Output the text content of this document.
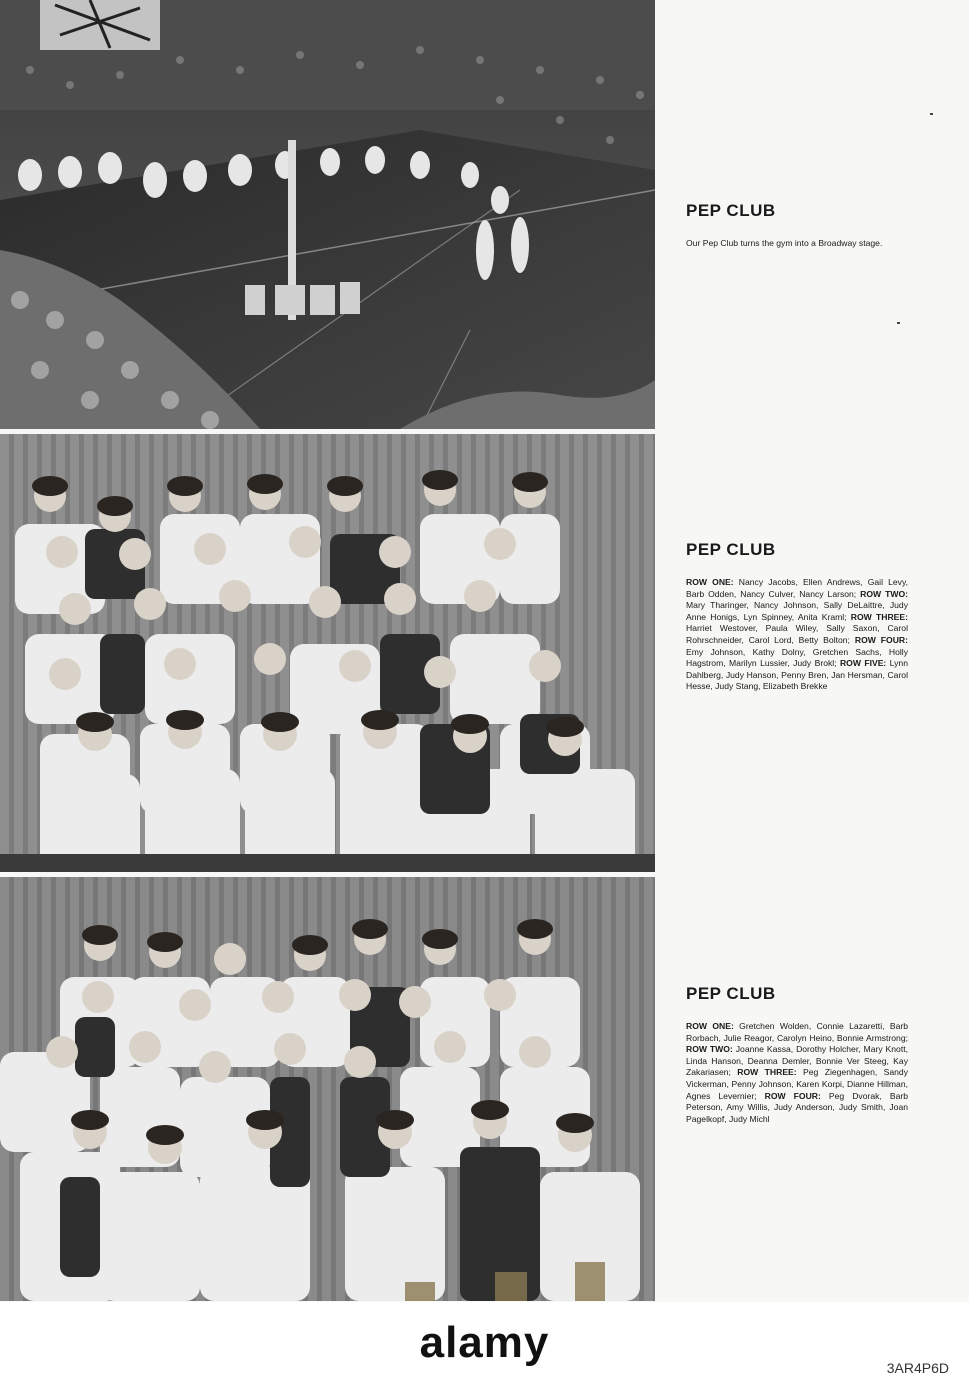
PEP CLUB

Our Pep Club turns the gym into a Broadway stage.

PEP CLUB

ROW ONE: Nancy Jacobs, Ellen Andrews, Gail Levy, Barb Odden, Nancy Culver, Nancy Larson; ROW TWO: Mary Tharinger, Nancy Johnson, Sally DeLaittre, Judy Anne Honigs, Lyn Spinney, Anita Kraml; ROW THREE: Harriet Westover, Paula Wiley, Sally Saxon, Carol Rohrschneider, Carol Lord, Betty Bolton; ROW FOUR: Emy Johnson, Kathy Dolny, Gretchen Sachs, Holly Hagstrom, Marilyn Lussier, Judy Brokl; ROW FIVE: Lynn Dahlberg, Judy Hanson, Penny Bren, Jan Hersman, Carol Hesse, Judy Stang, Elizabeth Brekke

PEP CLUB

ROW ONE: Gretchen Wolden, Connie Lazaretti, Barb Rorbach, Julie Reagor, Carolyn Heino, Bonnie Armstrong; ROW TWO: Joanne Kassa, Dorothy Holcher, Mary Knott, Linda Hanson, Deanna Demler, Bonnie Ver Steeg, Kay Zakariasen; ROW THREE: Peg Ziegenhagen, Sandy Vickerman, Penny Johnson, Karen Korpi, Dianne Hillman, Agnes Levernier; ROW FOUR: Peg Dvorak, Barb Peterson, Amy Willis, Judy Anderson, Judy Smith, Joan Pagelkopf, Judy Michl

alamy
3AR4P6D
